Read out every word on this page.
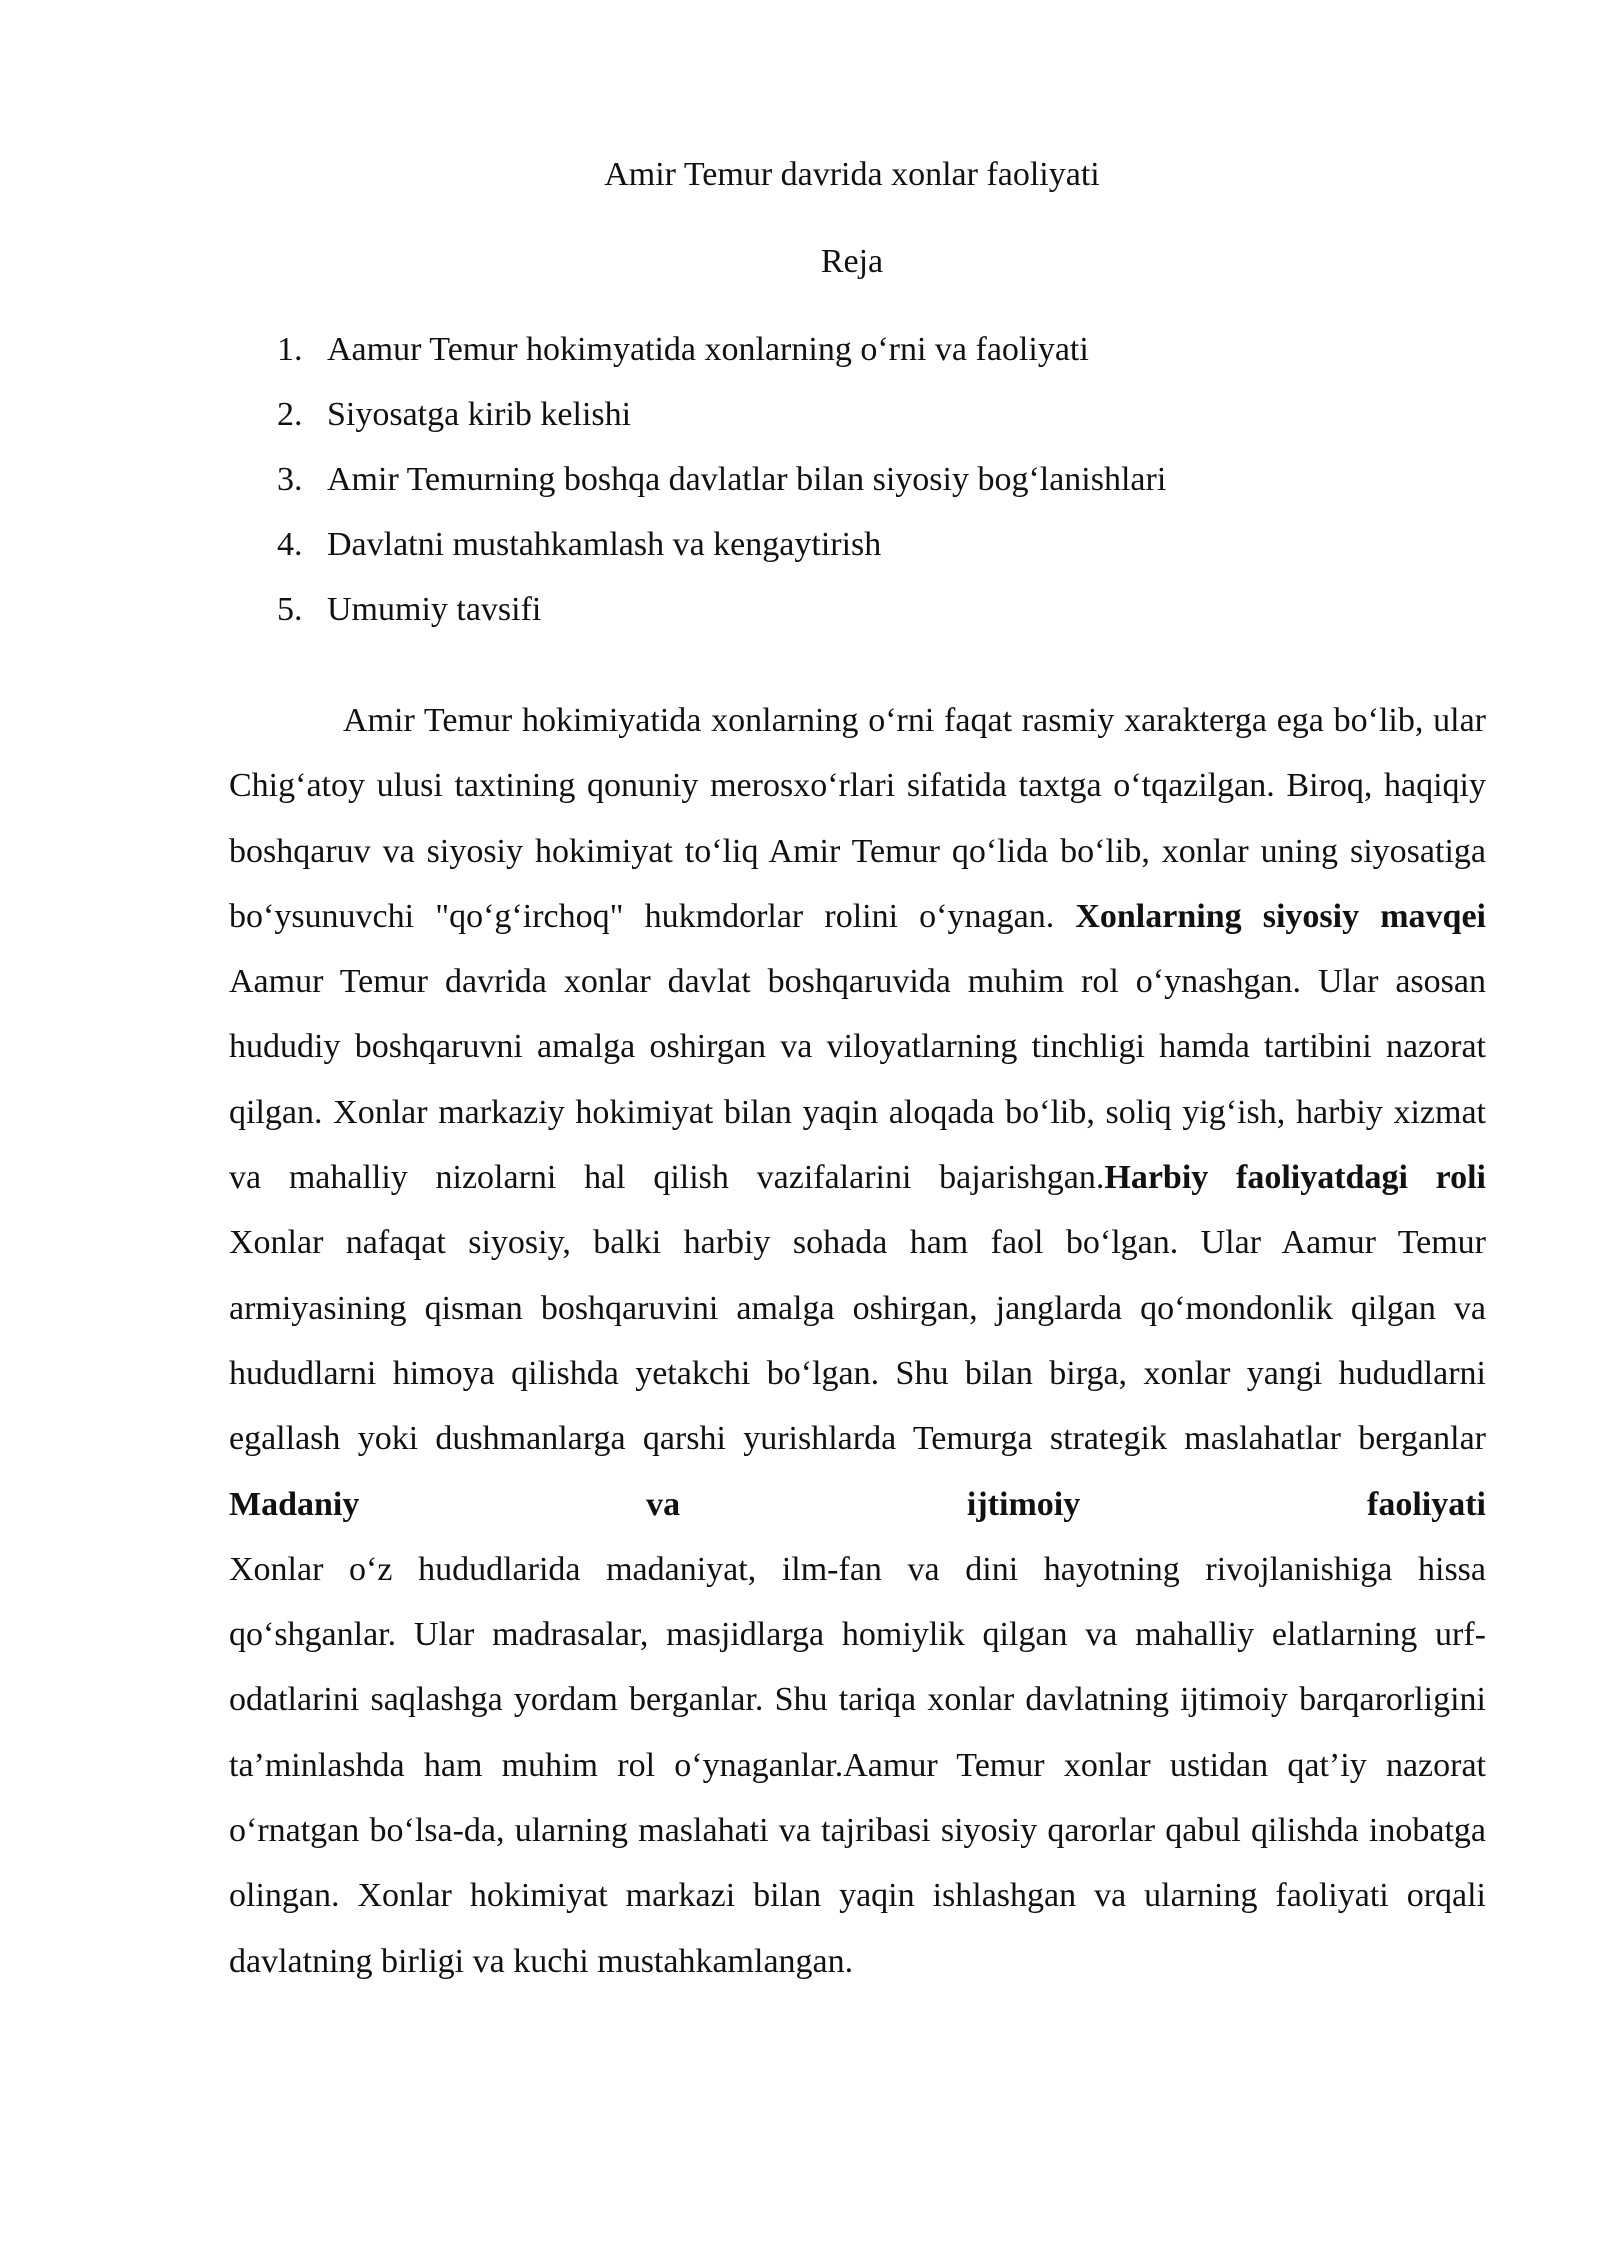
Amir Temur davrida xonlar faoliyati
Reja
1. Aamur Temur hokimyatida xonlarning o‘rni va faoliyati
2. Siyosatga kirib kelishi
3. Amir Temurning boshqa davlatlar bilan siyosiy bog‘lanishlari
4. Davlatni mustahkamlash va kengaytirish
5. Umumiy tavsifi

Amir Temur hokimiyatida xonlarning o‘rni faqat rasmiy xarakterga ega bo‘lib, ular Chig‘atoy ulusi taxtining qonuniy merosxo‘rlari sifatida taxtga o‘tqazilgan. Biroq, haqiqiy boshqaruv va siyosiy hokimiyat to‘liq Amir Temur qo‘lida bo‘lib, xonlar uning siyosatiga bo‘ysunuvchi "qo‘g‘irchoq" hukmdorlar rolini o‘ynagan. Xonlarning siyosiy mavqei

Aamur Temur davrida xonlar davlat boshqaruvida muhim rol o‘ynashgan. Ular asosan hududiy boshqaruvni amalga oshirgan va viloyatlarning tinchligi hamda tartibini nazorat qilgan. Xonlar markaziy hokimiyat bilan yaqin aloqada bo‘lib, soliq yig‘ish, harbiy xizmat va mahalliy nizolarni hal qilish vazifalarini bajarishgan.Harbiy faoliyatdagi roli

Xonlar nafaqat siyosiy, balki harbiy sohada ham faol bo‘lgan. Ular Aamur Temur armiyasining qisman boshqaruvini amalga oshirgan, janglarda qo‘mondonlik qilgan va hududlarni himoya qilishda yetakchi bo‘lgan. Shu bilan birga, xonlar yangi hududlarni egallash yoki dushmanlarga qarshi yurishlarda Temurga strategik maslahatlar berganlar Madaniy va ijtimoiy faoliyati

Xonlar o‘z hududlarida madaniyat, ilm-fan va dini hayotning rivojlanishiga hissa qo‘shganlar. Ular madrasalar, masjidlarga homiylik qilgan va mahalliy elatlarning urf-odatlarini saqlashga yordam berganlar. Shu tariqa xonlar davlatning ijtimoiy barqarorligini ta’minlashda ham muhim rol o‘ynaganlar.Aamur Temur xonlar ustidan qat’iy nazorat o‘rnatgan bo‘lsa-da, ularning maslahati va tajribasi siyosiy qarorlar qabul qilishda inobatga olingan. Xonlar hokimiyat markazi bilan yaqin ishlashgan va ularning faoliyati orqali davlatning birligi va kuchi mustahkamlangan.
